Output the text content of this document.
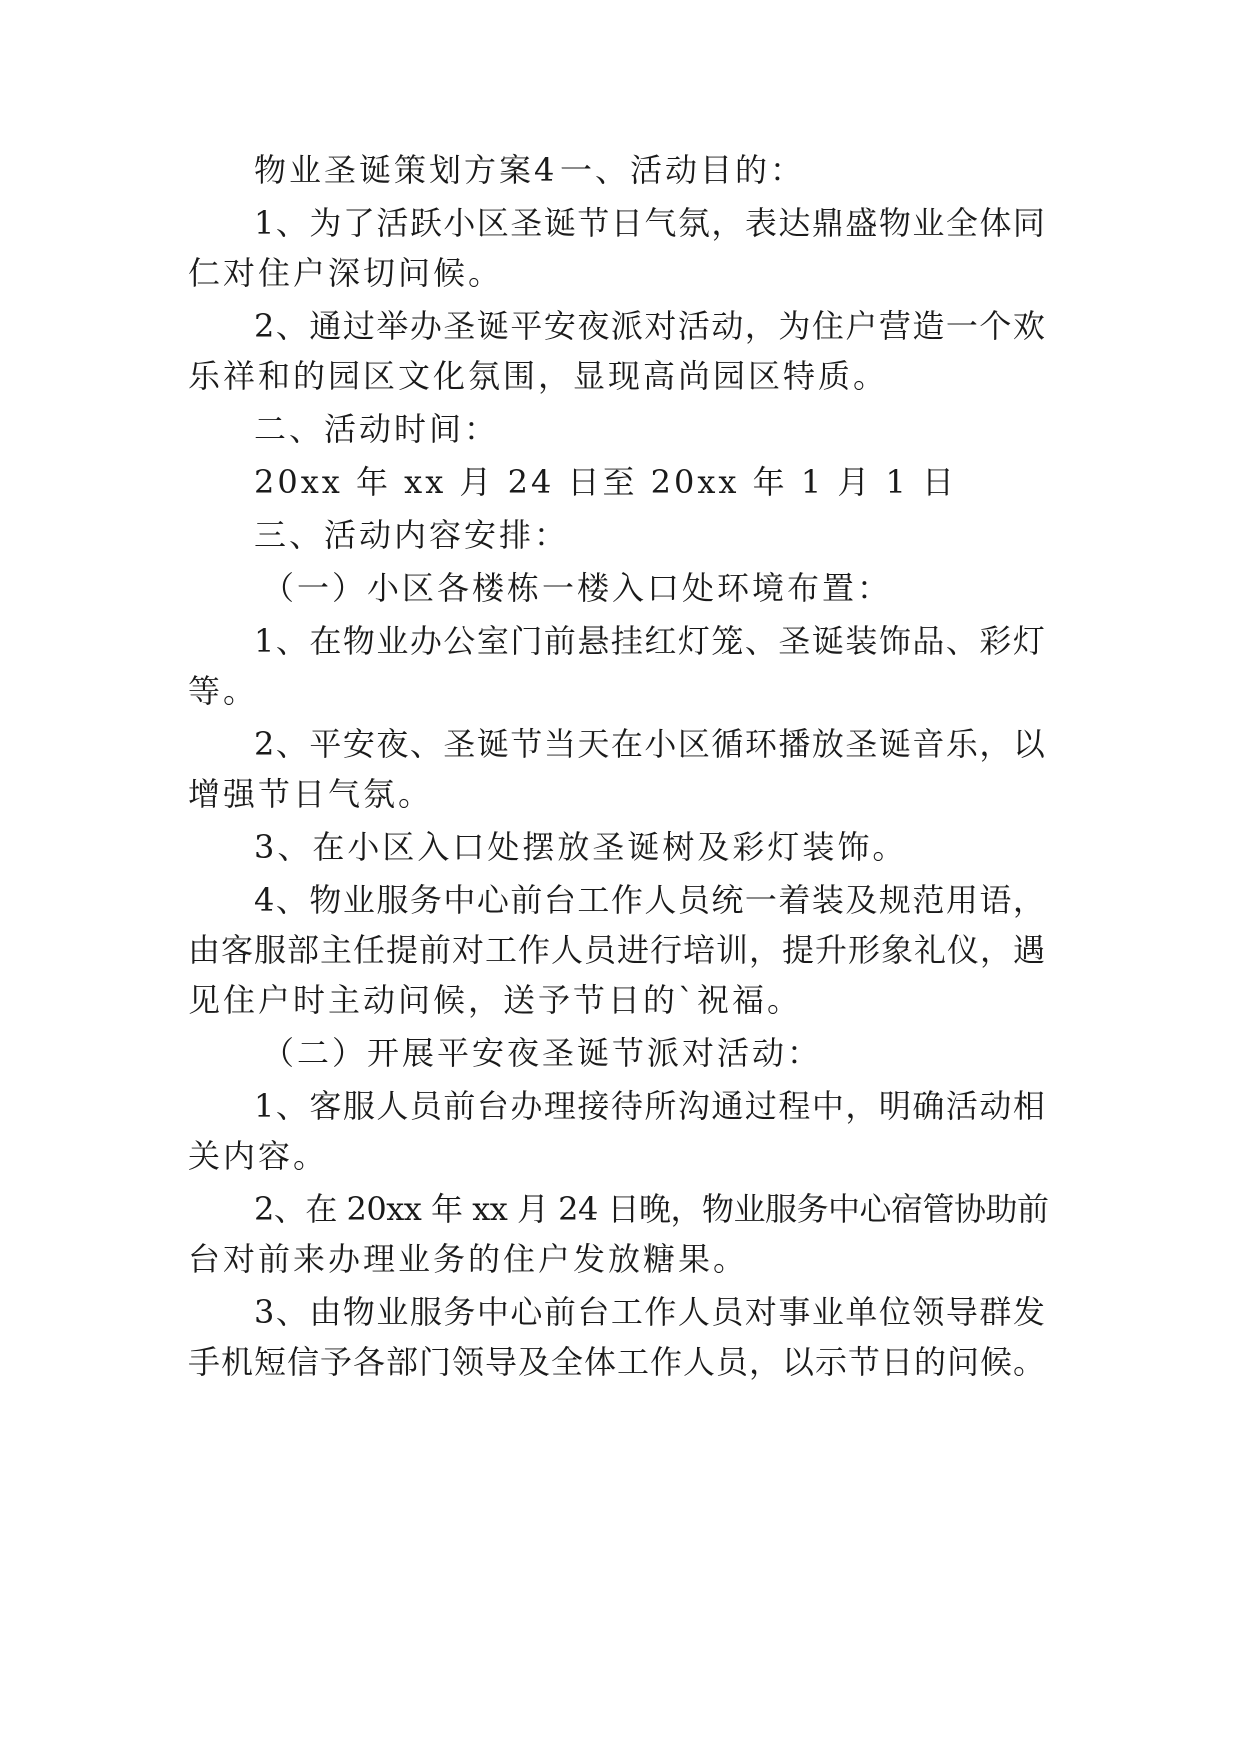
物业圣诞策划方案4 一、活动目的：
1、为了活跃小区圣诞节日气氛，表达鼎盛物业全体同
仁对住户深切问候。
2、通过举办圣诞平安夜派对活动，为住户营造一个欢
乐祥和的园区文化氛围，显现高尚园区特质。
二、活动时间：
20xx 年 xx 月 24 日至 20xx 年 1 月 1 日
三、活动内容安排：
（一）小区各楼栋一楼入口处环境布置：
1、在物业办公室门前悬挂红灯笼、圣诞装饰品、彩灯
等。
2、平安夜、圣诞节当天在小区循环播放圣诞音乐，以
增强节日气氛。
3、在小区入口处摆放圣诞树及彩灯装饰。
4、物业服务中心前台工作人员统一着装及规范用语，
由客服部主任提前对工作人员进行培训，提升形象礼仪，遇
见住户时主动问候，送予节日的`祝福。
（二）开展平安夜圣诞节派对活动：
1、客服人员前台办理接待所沟通过程中，明确活动相
关内容。
2、在 20xx 年 xx 月 24 日晚，物业服务中心宿管协助前
台对前来办理业务的住户发放糖果。
3、由物业服务中心前台工作人员对事业单位领导群发
手机短信予各部门领导及全体工作人员，以示节日的问候。
